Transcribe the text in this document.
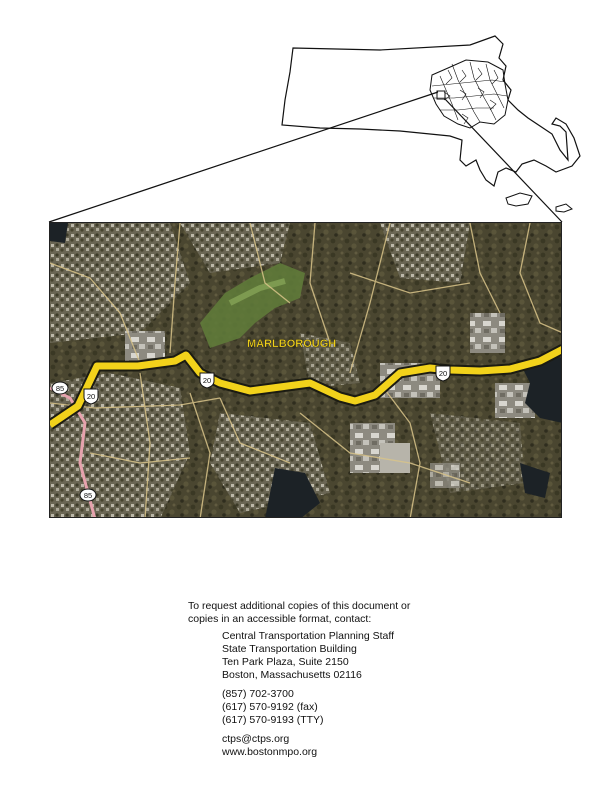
MARLBOROUGH
20
20
20
85
85
To request additional copies of this document or
copies in an accessible format, contact:
Central Transportation Planning Staff
State Transportation Building
Ten Park Plaza, Suite 2150
Boston, Massachusetts 02116
(857) 702-3700
(617) 570-9192 (fax)
(617) 570-9193 (TTY)
ctps@ctps.org
www.bostonmpo.org
